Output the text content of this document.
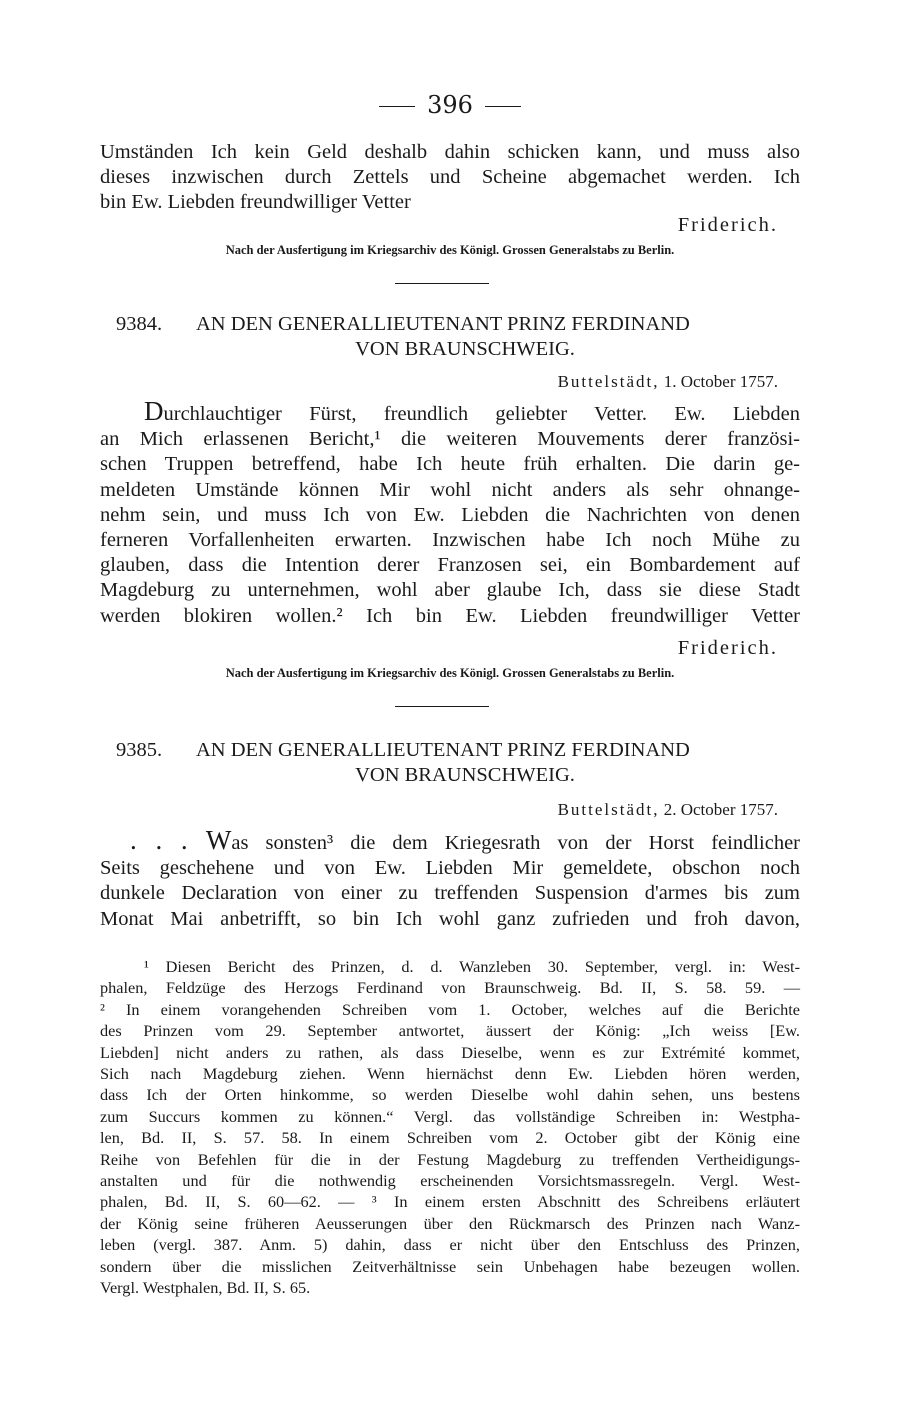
396
Umständen Ich kein Geld deshalb dahin schicken kann, und muss also
dieses inzwischen durch Zettels und Scheine abgemachet werden. Ich
bin Ew. Liebden freundwilliger Vetter
Friderich.
Nach der Ausfertigung im Kriegsarchiv des Königl. Grossen Generalstabs zu Berlin.
9384.	AN DEN GENERALLIEUTENANT PRINZ FERDINAND
VON BRAUNSCHWEIG.
Buttelstädt, 1. October 1757.
Durchlauchtiger Fürst, freundlich geliebter Vetter. Ew. Liebden
an Mich erlassenen Bericht,¹ die weiteren Mouvements derer französi-
schen Truppen betreffend, habe Ich heute früh erhalten. Die darin ge-
meldeten Umstände können Mir wohl nicht anders als sehr ohnange-
nehm sein, und muss Ich von Ew. Liebden die Nachrichten von denen
ferneren Vorfallenheiten erwarten. Inzwischen habe Ich noch Mühe zu
glauben, dass die Intention derer Franzosen sei, ein Bombardement auf
Magdeburg zu unternehmen, wohl aber glaube Ich, dass sie diese Stadt
werden blokiren wollen.² Ich bin Ew. Liebden freundwilliger Vetter
Friderich.
Nach der Ausfertigung im Kriegsarchiv des Königl. Grossen Generalstabs zu Berlin.
9385.	AN DEN GENERALLIEUTENANT PRINZ FERDINAND
VON BRAUNSCHWEIG.
Buttelstädt, 2. October 1757.
. . . Was sonsten³ die dem Kriegesrath von der Horst feindlicher
Seits geschehene und von Ew. Liebden Mir gemeldete, obschon noch
dunkele Declaration von einer zu treffenden Suspension d'armes bis zum
Monat Mai anbetrifft, so bin Ich wohl ganz zufrieden und froh davon,
¹ Diesen Bericht des Prinzen, d. d. Wanzleben 30. September, vergl. in: West-
phalen, Feldzüge des Herzogs Ferdinand von Braunschweig. Bd. II, S. 58. 59. —
² In einem vorangehenden Schreiben vom 1. October, welches auf die Berichte
des Prinzen vom 29. September antwortet, äussert der König: „Ich weiss [Ew.
Liebden] nicht anders zu rathen, als dass Dieselbe, wenn es zur Extrémité kommet,
Sich nach Magdeburg ziehen. Wenn hiernächst denn Ew. Liebden hören werden,
dass Ich der Orten hinkomme, so werden Dieselbe wohl dahin sehen, uns bestens
zum Succurs kommen zu können.“ Vergl. das vollständige Schreiben in: Westpha-
len, Bd. II, S. 57. 58. In einem Schreiben vom 2. October gibt der König eine
Reihe von Befehlen für die in der Festung Magdeburg zu treffenden Vertheidigungs-
anstalten und für die nothwendig erscheinenden Vorsichtsmassregeln. Vergl. West-
phalen, Bd. II, S. 60—62. — ³ In einem ersten Abschnitt des Schreibens erläutert
der König seine früheren Aeusserungen über den Rückmarsch des Prinzen nach Wanz-
leben (vergl. 387. Anm. 5) dahin, dass er nicht über den Entschluss des Prinzen,
sondern über die misslichen Zeitverhältnisse sein Unbehagen habe bezeugen wollen.
Vergl. Westphalen, Bd. II, S. 65.
